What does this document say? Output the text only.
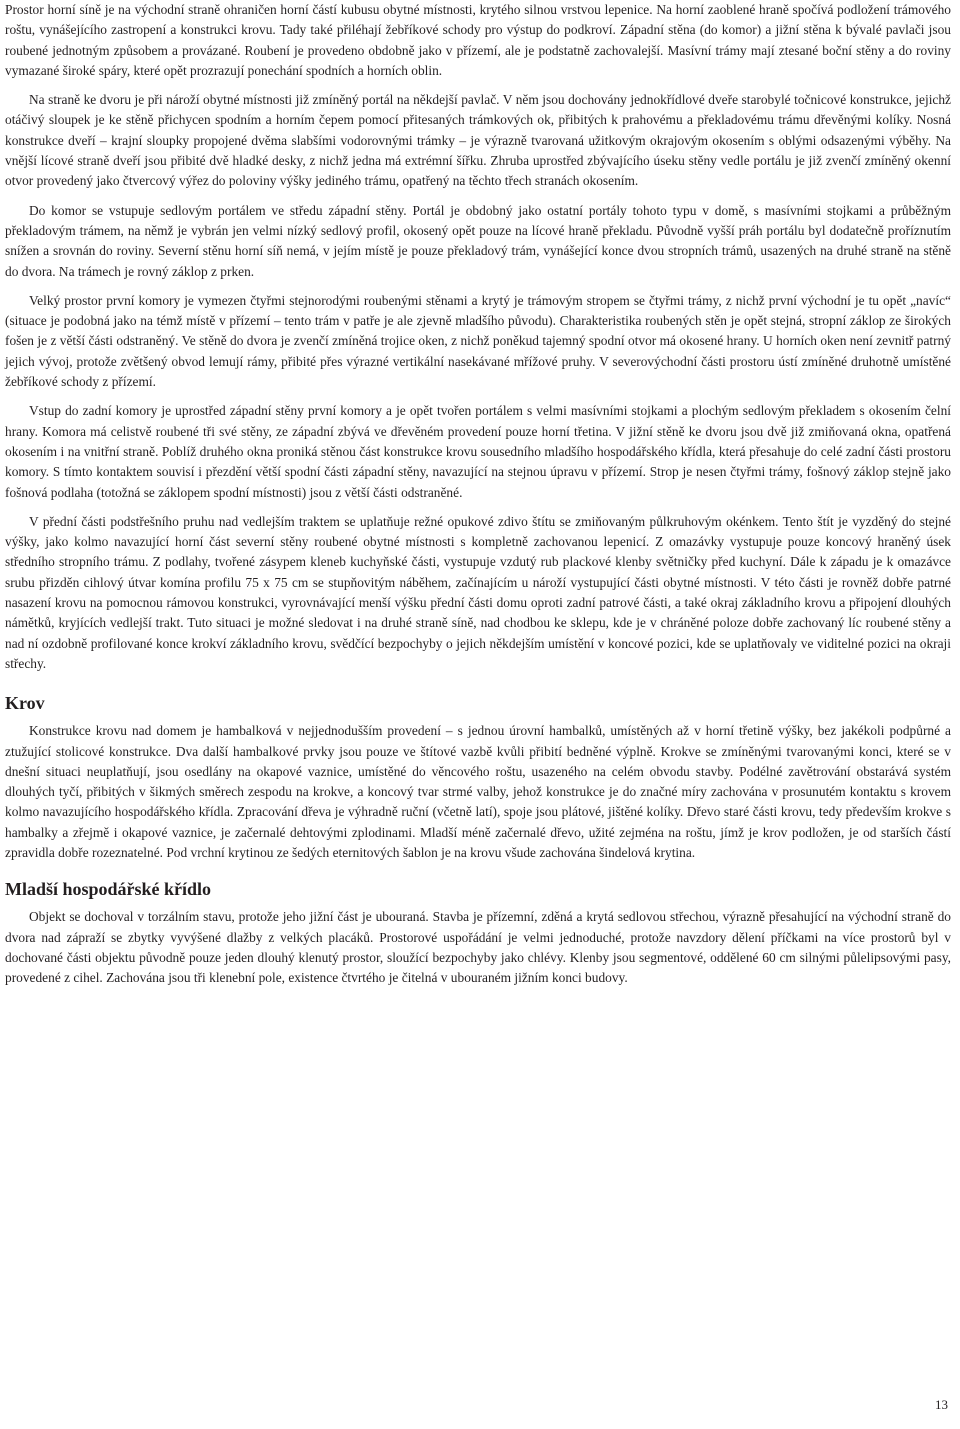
Prostor horní síně je na východní straně ohraničen horní částí kubusu obytné místnosti, krytého silnou vrstvou lepenice. Na horní zaoblené hraně spočívá podložení trámového roštu, vynášejícího zastropení a konstrukci krovu. Tady také přiléhají žebříkové schody pro výstup do podkroví. Západní stěna (do komor) a jižní stěna k bývalé pavlači jsou roubené jednotným způsobem a provázané. Roubení je provedeno obdobně jako v přízemí, ale je podstatně zachovalejší. Masívní trámy mají ztesané boční stěny a do roviny vymazané široké spáry, které opět prozrazují ponechání spodních a horních oblin.

Na straně ke dvoru je při nároží obytné místnosti již zmíněný portál na někdejší pavlač. V něm jsou dochovány jednokřídlové dveře starobylé točnicové konstrukce, jejichž otáčivý sloupek je ke stěně přichycen spodním a horním čepem pomocí přitesaných trámkových ok, přibitých k prahovému a překladovému trámu dřevěnými kolíky. Nosná konstrukce dveří – krajní sloupky propojené dvěma slabšími vodorovnými trámky – je výrazně tvarovaná užitkovým okrajovým okosením s oblými odsazenými výběhy. Na vnější lícové straně dveří jsou přibité dvě hladké desky, z nichž jedna má extrémní šířku. Zhruba uprostřed zbývajícího úseku stěny vedle portálu je již zvenčí zmíněný okenní otvor provedený jako čtvercový výřez do poloviny výšky jediného trámu, opatřený na těchto třech stranách okosením.

Do komor se vstupuje sedlovým portálem ve středu západní stěny. Portál je obdobný jako ostatní portály tohoto typu v domě, s masívními stojkami a průběžným překladovým trámem, na němž je vybrán jen velmi nízký sedlový profil, okosený opět pouze na lícové hraně překladu. Původně vyšší práh portálu byl dodatečně proříznutím snížen a srovnán do roviny. Severní stěnu horní síň nemá, v jejím místě je pouze překladový trám, vynášející konce dvou stropních trámů, usazených na druhé straně na stěně do dvora. Na trámech je rovný záklop z prken.

Velký prostor první komory je vymezen čtyřmi stejnorodými roubenými stěnami a krytý je trámovým stropem se čtyřmi trámy, z nichž první východní je tu opět „navíc“ (situace je podobná jako na témž místě v přízemí – tento trám v patře je ale zjevně mladšího původu). Charakteristika roubených stěn je opět stejná, stropní záklop ze širokých fošen je z větší části odstraněný. Ve stěně do dvora je zvenčí zmíněná trojice oken, z nichž poněkud tajemný spodní otvor má okosené hrany. U horních oken není zevnitř patrný jejich vývoj, protože zvětšený obvod lemují rámy, přibité přes výrazné vertikální nasekávané mřížové pruhy. V severovýchodní části prostoru ústí zmíněné druhotně umístěné žebříkové schody z přízemí.

Vstup do zadní komory je uprostřed západní stěny první komory a je opět tvořen portálem s velmi masívními stojkami a plochým sedlovým překladem s okosením čelní hrany. Komora má celistvě roubené tři své stěny, ze západní zbývá ve dřevěném provedení pouze horní třetina. V jižní stěně ke dvoru jsou dvě již zmiňovaná okna, opatřená okosením i na vnitřní straně. Poblíž druhého okna proniká stěnou část konstrukce krovu sousedního mladšího hospodářského křídla, která přesahuje do celé zadní části prostoru komory. S tímto kontaktem souvisí i přezdění větší spodní části západní stěny, navazující na stejnou úpravu v přízemí. Strop je nesen čtyřmi trámy, fošnový záklop stejně jako fošnová podlaha (totožná se záklopem spodní místnosti) jsou z větší části odstraněné.

V přední části podstřešního pruhu nad vedlejším traktem se uplatňuje režné opukové zdivo štítu se zmiňovaným půlkruhovým okénkem. Tento štít je vyzděný do stejné výšky, jako kolmo navazující horní část severní stěny roubené obytné místnosti s kompletně zachovanou lepenicí. Z omazávky vystupuje pouze koncový hraněný úsek středního stropního trámu. Z podlahy, tvořené zásypem kleneb kuchyňské části, vystupuje vzdutý rub plackové klenby světničky před kuchyní. Dále k západu je k omazávce srubu přizděn cihlový útvar komína profilu 75 x 75 cm se stupňovitým náběhem, začínajícím u nároží vystupující části obytné místnosti. V této části je rovněž dobře patrné nasazení krovu na pomocnou rámovou konstrukci, vyrovnávající menší výšku přední části domu oproti zadní patrové části, a také okraj základního krovu a připojení dlouhých námětků, kryjících vedlejší trakt. Tuto situaci je možné sledovat i na druhé straně síně, nad chodbou ke sklepu, kde je v chráněné poloze dobře zachovaný líc roubené stěny a nad ní ozdobně profilované konce krokví základního krovu, svědčící bezpochyby o jejich někdejším umístění v koncové pozici, kde se uplatňovaly ve viditelné pozici na okraji střechy.

Krov

Konstrukce krovu nad domem je hambalková v nejjednodušším provedení – s jednou úrovní hambalků, umístěných až v horní třetině výšky, bez jakékoli podpůrné a ztužující stolicové konstrukce. Dva další hambalkové prvky jsou pouze ve štítové vazbě kvůli přibití bedněné výplně. Krokve se zmíněnými tvarovanými konci, které se v dnešní situaci neuplatňují, jsou osedlány na okapové vaznice, umístěné do věncového roštu, usazeného na celém obvodu stavby. Podélné zavětrování obstarává systém dlouhých tyčí, přibitých v šikmých směrech zespodu na krokve, a koncový tvar strmé valby, jehož konstrukce je do značné míry zachována v prosunutém kontaktu s krovem kolmo navazujícího hospodářského křídla. Zpracování dřeva je výhradně ruční (včetně latí), spoje jsou plátové, jištěné kolíky. Dřevo staré části krovu, tedy především krokve s hambalky a zřejmě i okapové vaznice, je začernalé dehtovými zplodinami. Mladší méně začernalé dřevo, užité zejména na roštu, jímž je krov podložen, je od starších částí zpravidla dobře rozeznatelné. Pod vrchní krytinou ze šedých eternitových šablon je na krovu všude zachována šindelová krytina.

Mladší hospodářské křídlo

Objekt se dochoval v torzálním stavu, protože jeho jižní část je ubouraná. Stavba je přízemní, zděná a krytá sedlovou střechou, výrazně přesahující na východní straně do dvora nad zápraží se zbytky vyvýšené dlažby z velkých placáků. Prostorové uspořádání je velmi jednoduché, protože navzdory dělení příčkami na více prostorů byl v dochované části objektu původně pouze jeden dlouhý klenutý prostor, sloužící bezpochyby jako chlévy. Klenby jsou segmentové, oddělené 60 cm silnými půlelipsovými pasy, provedené z cihel. Zachována jsou tři klenební pole, existence čtvrtého je čitelná v ubouraném jižním konci budovy.

13
